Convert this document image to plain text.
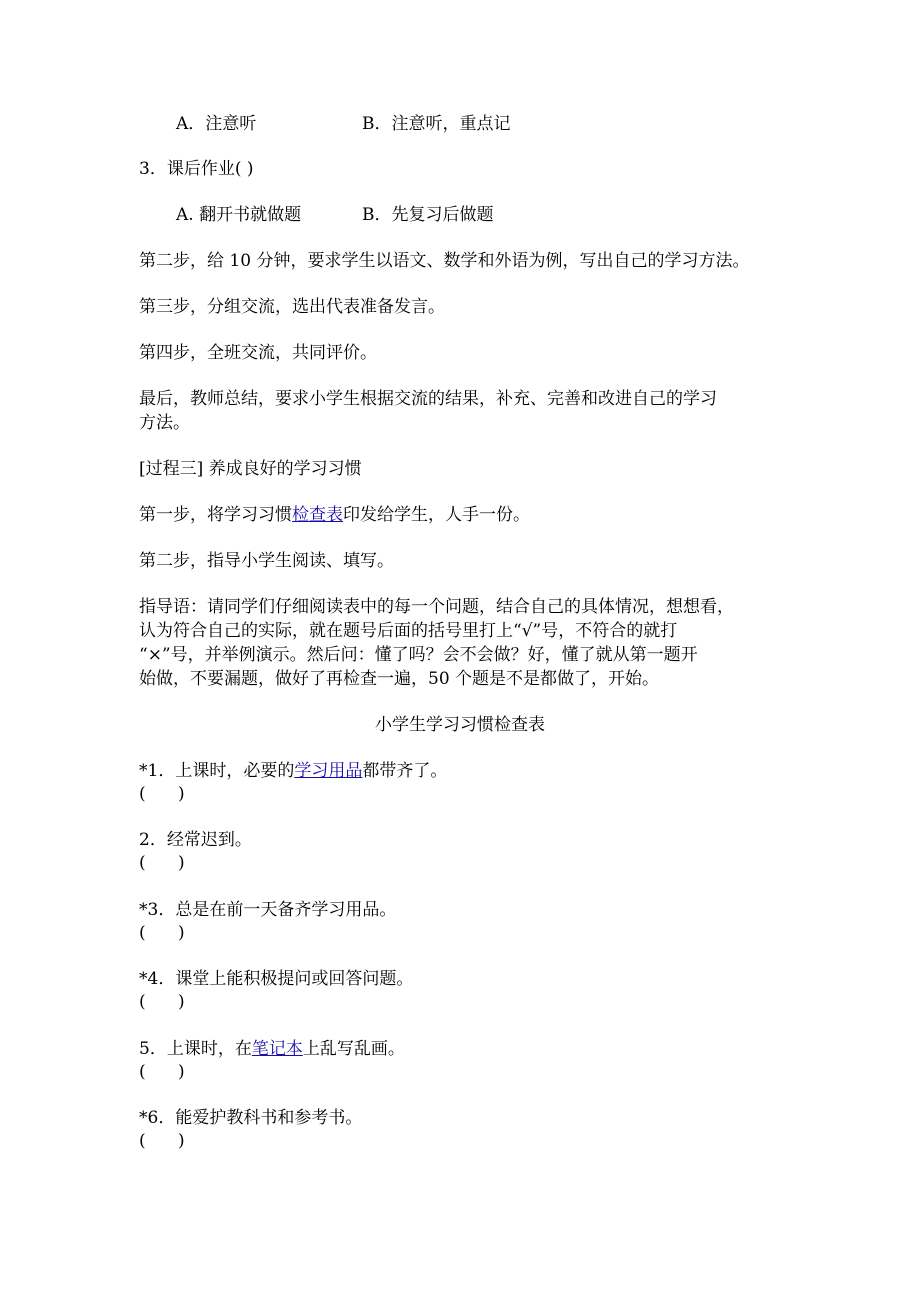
A．注意听	B．注意听，重点记
3．课后作业( )
A. 翻开书就做题	B．先复习后做题
第二步，给 10 分钟，要求学生以语文、数学和外语为例，写出自己的学习方法。
第三步，分组交流，选出代表准备发言。
第四步，全班交流，共同评价。
最后，教师总结，要求小学生根据交流的结果，补充、完善和改进自己的学习
方法。
[过程三] 养成良好的学习习惯
第一步，将学习习惯检查表印发给学生，人手一份。
第二步，指导小学生阅读、填写。
指导语：请同学们仔细阅读表中的每一个问题，结合自己的具体情况，想想看，
认为符合自己的实际，就在题号后面的括号里打上“√”号，不符合的就打
“×”号，并举例演示。然后问：懂了吗？会不会做？好，懂了就从第一题开
始做，不要漏题，做好了再检查一遍，50 个题是不是都做了，开始。
小学生学习习惯检查表
*1．上课时，必要的学习用品都带齐了。
(      )
2．经常迟到。
(      )
*3．总是在前一天备齐学习用品。
(      )
*4．课堂上能积极提问或回答问题。
(      )
5．上课时，在笔记本上乱写乱画。
(      )
*6．能爱护教科书和参考书。
(      )
